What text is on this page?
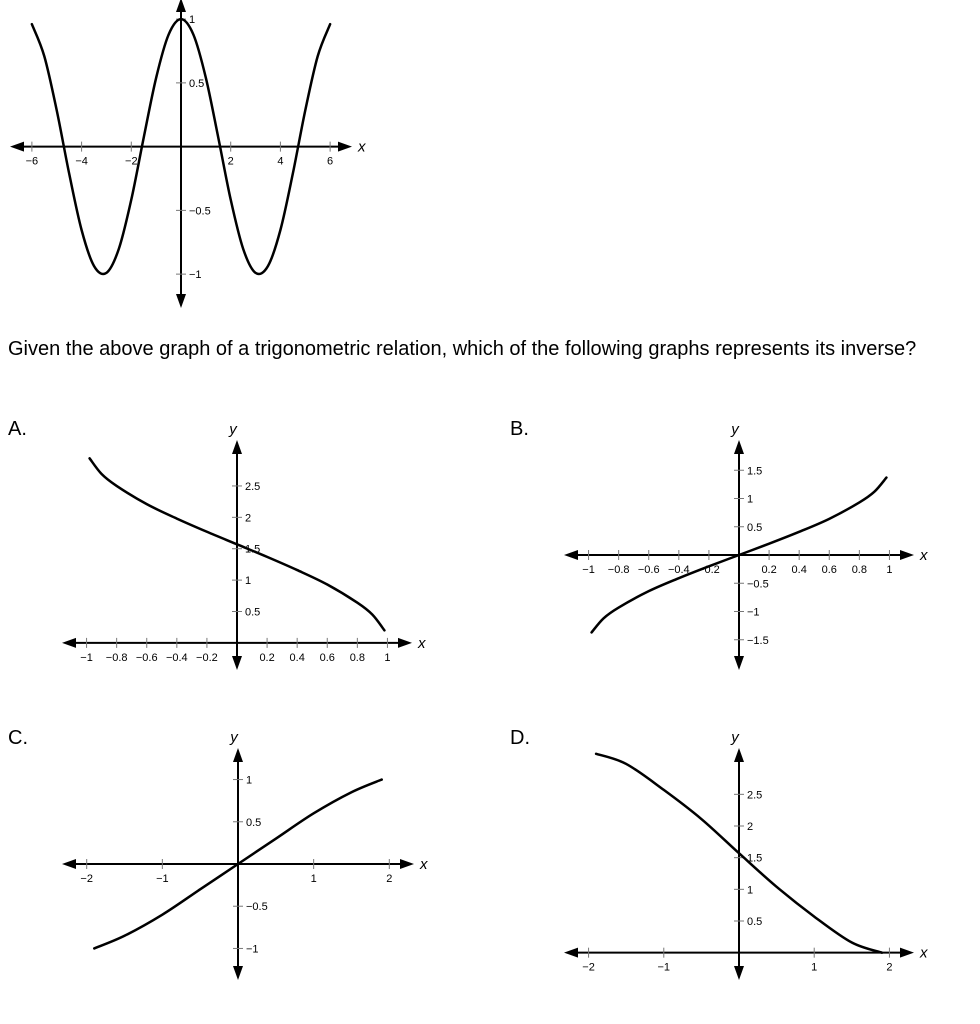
x
−6	−4	−2	2	4	6
1
0.5
−0.5
−1
x
y
−1 −0.8 −0.6 −0.4 −0.2	0.2 0.4 0.6 0.8 1
0.5
1
1.5
2
2.5
x
y
−1 −0.8 −0.6 −0.4 −0.2	0.2 0.4 0.6 0.8 1
1.5
1
0.5
−0.5
−1
−1.5
x
y
−2	−1	1	2
1
0.5
−0.5
−1	x
y
−2	−1	1	2
0.5
1
1.5
2
2.5

Given the above graph of a trigonometric relation, which of the following graphs represents its inverse?

A.	B.
C.	D.
